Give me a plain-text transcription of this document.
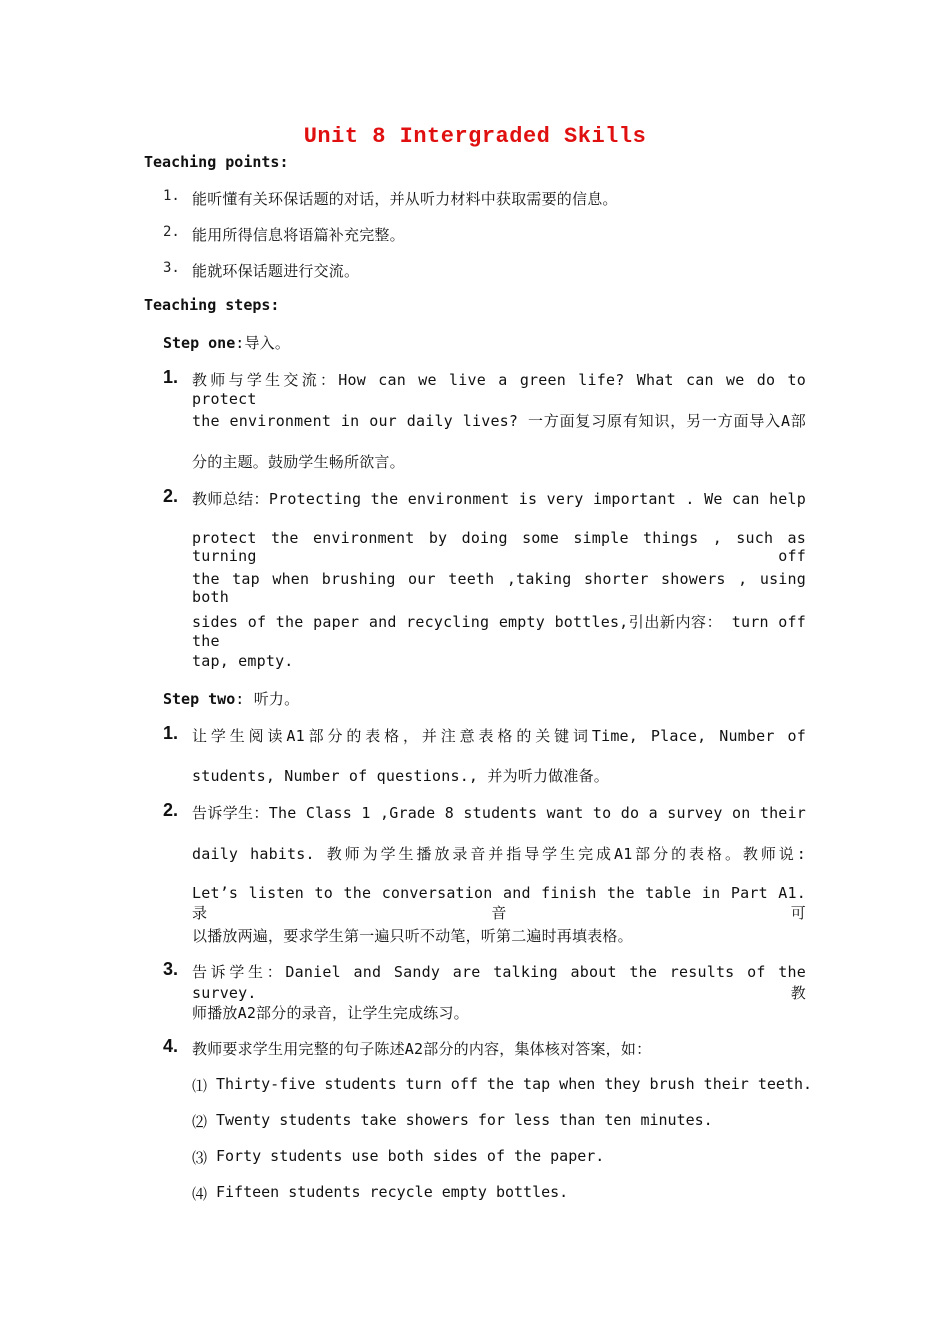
Unit 8 Intergraded Skills
Teaching points:
1. 能听懂有关环保话题的对话，并从听力材料中获取需要的信息。
2. 能用所得信息将语篇补充完整。
3. 能就环保话题进行交流。
Teaching steps:
Step one:导入。
1. 教师与学生交流：How can we live a green life? What can we do to protect
the environment in our daily lives? 一方面复习原有知识，另一方面导入A部
分的主题。鼓励学生畅所欲言。
2. 教师总结：Protecting the environment is very important . We can help
protect the environment by doing some simple things , such as turning off
the tap when brushing our teeth ,taking shorter showers , using both
sides of the paper and recycling empty bottles,引出新内容： turn off the
tap, empty.
Step two: 听力。
1. 让学生阅读A1部分的表格，并注意表格的关键词Time, Place, Number of
students, Number of questions., 并为听力做准备。
2. 告诉学生：The Class 1 ,Grade 8 students want to do a survey on their
daily habits. 教师为学生播放录音并指导学生完成A1部分的表格。教师说:
Let’s listen to the conversation and finish the table in Part A1.录音可
以播放两遍，要求学生第一遍只听不动笔，听第二遍时再填表格。
3. 告诉学生：Daniel and Sandy are talking about the results of the survey.教
师播放A2部分的录音，让学生完成练习。
4. 教师要求学生用完整的句子陈述A2部分的内容，集体核对答案，如：
⑴ Thirty-five students turn off the tap when they brush their teeth.
⑵ Twenty students take showers for less than ten minutes.
⑶ Forty students use both sides of the paper.
⑷ Fifteen students recycle empty bottles.
